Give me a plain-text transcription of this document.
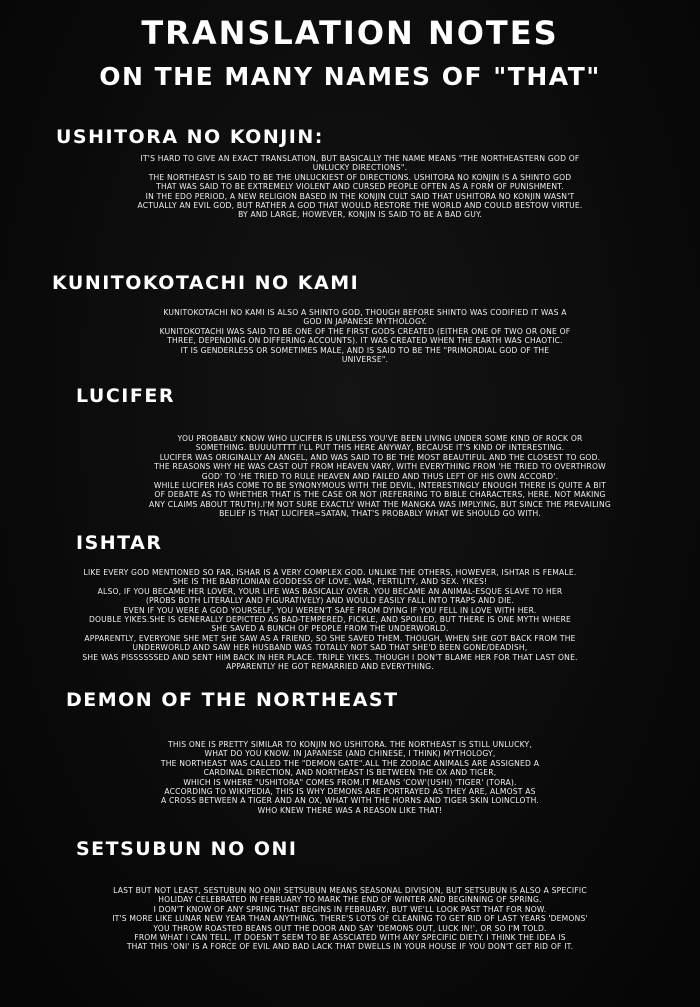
TRANSLATION NOTES
ON THE MANY NAMES OF "THAT"
USHITORA NO KONJIN:
IT'S HARD TO GIVE AN EXACT TRANSLATION, BUT BASICALLY THE NAME MEANS "THE NORTHEASTERN GOD OF
UNLUCKY DIRECTIONS".
THE NORTHEAST IS SAID TO BE THE UNLUCKIEST OF DIRECTIONS. USHITORA NO KONJIN IS A SHINTO GOD
THAT WAS SAID TO BE EXTREMELY VIOLENT AND CURSED PEOPLE OFTEN AS A FORM OF PUNISHMENT.
IN THE EDO PERIOD, A NEW RELIGION BASED IN THE KONJIN CULT SAID THAT USHITORA NO KONJIN WASN'T
ACTUALLY AN EVIL GOD, BUT RATHER A GOD THAT WOULD RESTORE THE WORLD AND COULD BESTOW VIRTUE.
BY AND LARGE, HOWEVER, KONJIN IS SAID TO BE A BAD GUY.
KUNITOKOTACHI NO KAMI
KUNITOKOTACHI NO KAMI IS ALSO A SHINTO GOD, THOUGH BEFORE SHINTO WAS CODIFIED IT WAS A
GOD IN JAPANESE MYTHOLOGY.
KUNITOKOTACHI WAS SAID TO BE ONE OF THE FIRST GODS CREATED (EITHER ONE OF TWO OR ONE OF
THREE, DEPENDING ON DIFFERING ACCOUNTS). IT WAS CREATED WHEN THE EARTH WAS CHAOTIC.
IT IS GENDERLESS OR SOMETIMES MALE, AND IS SAID TO BE THE "PRIMORDIAL GOD OF THE
UNIVERSE".
LUCIFER
YOU PROBABLY KNOW WHO LUCIFER IS UNLESS YOU'VE BEEN LIVING UNDER SOME KIND OF ROCK OR
SOMETHING. BUUUUTTTT I'LL PUT THIS HERE ANYWAY, BECAUSE IT'S KIND OF INTERESTING.
LUCIFER WAS ORIGINALLY AN ANGEL, AND WAS SAID TO BE THE MOST BEAUTIFUL AND THE CLOSEST TO GOD.
THE REASONS WHY HE WAS CAST OUT FROM HEAVEN VARY, WITH EVERYTHING FROM 'HE TRIED TO OVERTHROW
GOD' TO 'HE TRIED TO RULE HEAVEN AND FAILED AND THUS LEFT OF HIS OWN ACCORD'.
WHILE LUCIFER HAS COME TO BE SYNONYMOUS WITH THE DEVIL, INTERESTINGLY ENOUGH THERE IS QUITE A BIT
OF DEBATE AS TO WHETHER THAT IS THE CASE OR NOT (REFERRING TO BIBLE CHARACTERS, HERE. NOT MAKING
ANY CLAIMS ABOUT TRUTH).I'M NOT SURE EXACTLY WHAT THE MANGKA WAS IMPLYING, BUT SINCE THE PREVAILING
BELIEF IS THAT LUCIFER=SATAN, THAT'S PROBABLY WHAT WE SHOULD GO WITH.
ISHTAR
LIKE EVERY GOD MENTIONED SO FAR, ISHAR IS A VERY COMPLEX GOD. UNLIKE THE OTHERS, HOWEVER, ISHTAR IS FEMALE.
SHE IS THE BABYLONIAN GODDESS OF LOVE, WAR, FERTILITY, AND SEX. YIKES!
ALSO, IF YOU BECAME HER LOVER, YOUR LIFE WAS BASICALLY OVER. YOU BECAME AN ANIMAL-ESQUE SLAVE TO HER
(PROBS BOTH LITERALLY AND FIGURATIVELY) AND WOULD EASILY FALL INTO TRAPS AND DIE.
EVEN IF YOU WERE A GOD YOURSELF, YOU WEREN'T SAFE FROM DYING IF YOU FELL IN LOVE WITH HER.
DOUBLE YIKES.SHE IS GENERALLY DEPICTED AS BAD-TEMPERED, FICKLE, AND SPOILED, BUT THERE IS ONE MYTH WHERE
SHE SAVED A BUNCH OF PEOPLE FROM THE UNDERWORLD.
APPARENTLY, EVERYONE SHE MET SHE SAW AS A FRIEND, SO SHE SAVED THEM. THOUGH, WHEN SHE GOT BACK FROM THE
UNDERWORLD AND SAW HER HUSBAND WAS TOTALLY NOT SAD THAT SHE'D BEEN GONE/DEADISH,
SHE WAS PISSSSSSED AND SENT HIM BACK IN HER PLACE. TRIPLE YIKES. THOUGH I DON'T BLAME HER FOR THAT LAST ONE.
APPARENTLY HE GOT REMARRIED AND EVERYTHING.
DEMON OF THE NORTHEAST
THIS ONE IS PRETTY SIMILAR TO KONJIN NO USHITORA. THE NORTHEAST IS STILL UNLUCKY,
WHAT DO YOU KNOW. IN JAPANESE (AND CHINESE, I THINK) MYTHOLOGY,
THE NORTHEAST WAS CALLED THE "DEMON GATE".ALL THE ZODIAC ANIMALS ARE ASSIGNED A
CARDINAL DIRECTION, AND NORTHEAST IS BETWEEN THE OX AND TIGER,
WHICH IS WHERE "USHITORA" COMES FROM.IT MEANS 'COW'(USHI) 'TIGER' (TORA).
ACCORDING TO WIKIPEDIA, THIS IS WHY DEMONS ARE PORTRAYED AS THEY ARE, ALMOST AS
A CROSS BETWEEN A TIGER AND AN OX, WHAT WITH THE HORNS AND TIGER SKIN LOINCLOTH.
WHO KNEW THERE WAS A REASON LIKE THAT!
SETSUBUN NO ONI
LAST BUT NOT LEAST, SESTUBUN NO ONI! SETSUBUN MEANS SEASONAL DIVISION, BUT SETSUBUN IS ALSO A SPECIFIC
HOLIDAY CELEBRATED IN FEBRUARY TO MARK THE END OF WINTER AND BEGINNING OF SPRING.
I DON'T KNOW OF ANY SPRING THAT BEGINS IN FEBRUARY, BUT WE'LL LOOK PAST THAT FOR NOW.
IT'S MORE LIKE LUNAR NEW YEAR THAN ANYTHING. THERE'S LOTS OF CLEANING TO GET RID OF LAST YEARS 'DEMONS'
YOU THROW ROASTED BEANS OUT THE DOOR AND SAY 'DEMONS OUT, LUCK IN!', OR SO I'M TOLD.
FROM WHAT I CAN TELL, IT DOESN'T SEEM TO BE ASSCIATED WITH ANY SPECIFIC DIETY. I THINK THE IDEA IS
THAT THIS 'ONI' IS A FORCE OF EVIL AND BAD LACK THAT DWELLS IN YOUR HOUSE IF YOU DON'T GET RID OF IT.
